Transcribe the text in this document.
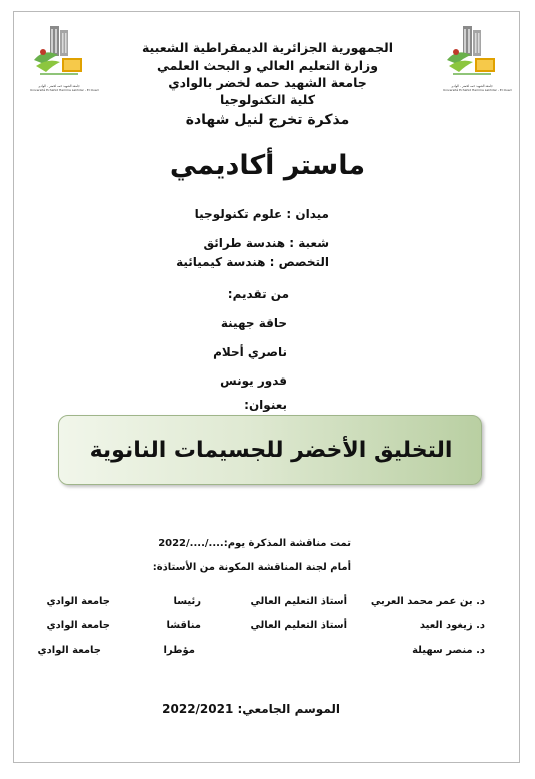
جامعة الشهيد حمه لخضر - الوادي
Université Echahid Hamma Lakhdar - El Oued
جامعة الشهيد حمه لخضر - الوادي
Université Echahid Hamma Lakhdar - El Oued
الجمهورية الجزائرية الديمقراطية الشعبية
وزارة التعليم العالي و البحث العلمي
جامعة الشهيد حمه لخضر بالوادي
كلية التكنولوجيا
مذكرة تخرج لنيل شهادة
ماستر أكاديمي
ميدان : علوم تكنولوجيا
شعبة : هندسة طرائق
التخصص : هندسة كيميائية
من تقديم:
حاقة جهينة
ناصري أحلام
قدور يونس
بعنوان:
التخليق الأخضر للجسيمات النانوية
تمت مناقشة المذكرة يوم:..../..../2022
أمام لجنة المناقشة المكونة من الأستاذة:
د. بن عمر محمد العربي
أستاذ التعليم العالي
رئيسا
جامعة الوادي
د. زيغود العيد
أستاذ التعليم العالي
مناقشا
جامعة الوادي
د. منصر سهيلة
مؤطرا
جامعة الوادي
الموسم الجامعي: 2022/2021
